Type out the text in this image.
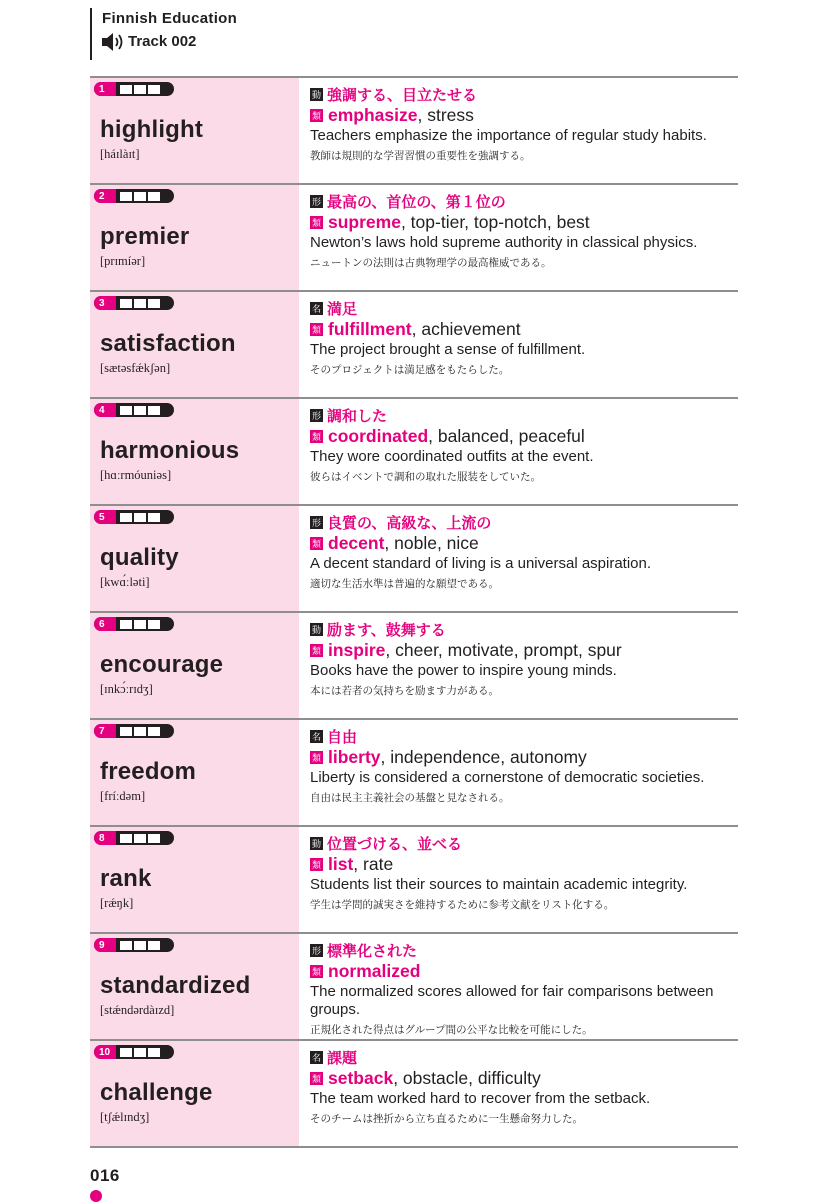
Finnish Education
Track 002
1
highlight
[háɪlàɪt]
動 強調する、目立たせる
類 emphasize , stress
Teachers emphasize the importance of regular study habits.
教師は規則的な学習習慣の重要性を強調する。
2
premier
[prɪmíər]
形 最高の、首位の、第１位の
類 supreme , top-tier, top-notch, best
Newton’s laws hold supreme authority in classical physics.
ニュートンの法則は古典物理学の最高権威である。
3
satisfaction
[sætəsfǽkʃən]
名 満足
類 fulfillment , achievement
The project brought a sense of fulfillment.
そのプロジェクトは満足感をもたらした。
4
harmonious
[hɑːrmóuniəs]
形 調和した
類 coordinated , balanced, peaceful
They wore coordinated outfits at the event.
彼らはイベントで調和の取れた服装をしていた。
5
quality
[kwɑ́ːləti]
形 良質の、高級な、上流の
類 decent , noble, nice
A decent standard of living is a universal aspiration.
適切な生活水準は普遍的な願望である。
6
encourage
[ɪnkɔ́ːrɪdʒ]
動 励ます、鼓舞する
類 inspire , cheer, motivate, prompt, spur
Books have the power to inspire young minds.
本には若者の気持ちを励ます力がある。
7
freedom
[fríːdəm]
名 自由
類 liberty , independence, autonomy
Liberty is considered a cornerstone of democratic societies.
自由は民主主義社会の基盤と見なされる。
8
rank
[rǽŋk]
動 位置づける、並べる
類 list , rate
Students list their sources to maintain academic integrity.
学生は学問的誠実さを維持するために参考文献をリスト化する。
9
standardized
[stǽndərdàɪzd]
形 標準化された
類 normalized
The normalized scores allowed for fair comparisons between groups.
正規化された得点はグループ間の公平な比較を可能にした。
10
challenge
[tʃǽlɪndʒ]
名 課題
類 setback , obstacle, difficulty
The team worked hard to recover from the setback.
そのチームは挫折から立ち直るために一生懸命努力した。
016
